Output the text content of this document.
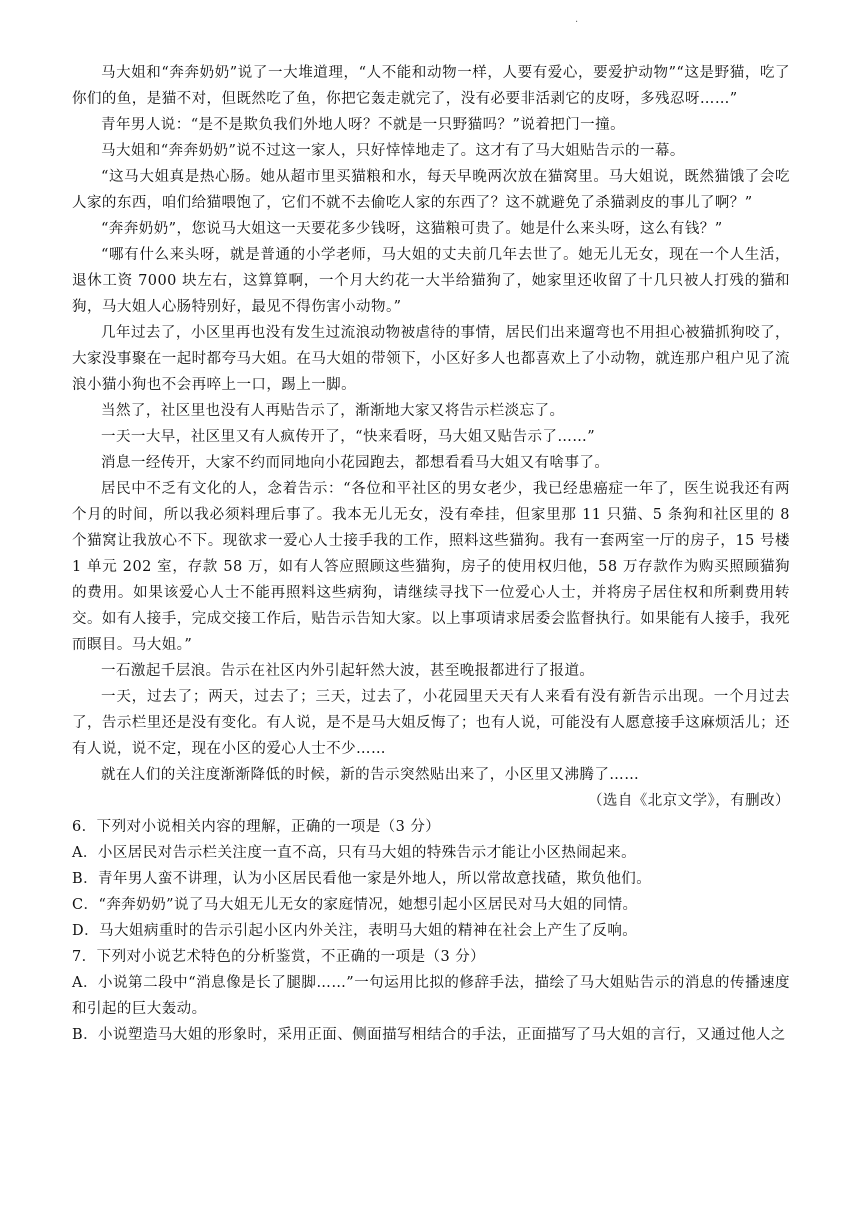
.

马大姐和“奔奔奶奶”说了一大堆道理，“人不能和动物一样，人要有爱心，要爱护动物”“这是野猫，吃了你们的鱼，是猫不对，但既然吃了鱼，你把它轰走就完了，没有必要非活剥它的皮呀，多残忍呀……”

青年男人说：“是不是欺负我们外地人呀？不就是一只野猫吗？”说着把门一撞。

马大姐和“奔奔奶奶”说不过这一家人，只好悻悻地走了。这才有了马大姐贴告示的一幕。

“这马大姐真是热心肠。她从超市里买猫粮和水，每天早晚两次放在猫窝里。马大姐说，既然猫饿了会吃人家的东西，咱们给猫喂饱了，它们不就不去偷吃人家的东西了？这不就避免了杀猫剥皮的事儿了啊？”

“奔奔奶奶”，您说马大姐这一天要花多少钱呀，这猫粮可贵了。她是什么来头呀，这么有钱？”

“哪有什么来头呀，就是普通的小学老师，马大姐的丈夫前几年去世了。她无儿无女，现在一个人生活，退休工资 7000 块左右，这算算啊，一个月大约花一大半给猫狗了，她家里还收留了十几只被人打残的猫和狗，马大姐人心肠特别好，最见不得伤害小动物。”

几年过去了，小区里再也没有发生过流浪动物被虐待的事情，居民们出来遛弯也不用担心被猫抓狗咬了，大家没事聚在一起时都夸马大姐。在马大姐的带领下，小区好多人也都喜欢上了小动物，就连那户租户见了流浪小猫小狗也不会再啐上一口，踢上一脚。

当然了，社区里也没有人再贴告示了，渐渐地大家又将告示栏淡忘了。

一天一大早，社区里又有人疯传开了，“快来看呀，马大姐又贴告示了……”

消息一经传开，大家不约而同地向小花园跑去，都想看看马大姐又有啥事了。

居民中不乏有文化的人，念着告示：“各位和平社区的男女老少，我已经患癌症一年了，医生说我还有两个月的时间，所以我必须料理后事了。我本无儿无女，没有牵挂，但家里那 11 只猫、5 条狗和社区里的 8 个猫窝让我放心不下。现欲求一爱心人士接手我的工作，照料这些猫狗。我有一套两室一厅的房子，15 号楼 1 单元 202 室，存款 58 万，如有人答应照顾这些猫狗，房子的使用权归他，58 万存款作为购买照顾猫狗的费用。如果该爱心人士不能再照料这些病狗，请继续寻找下一位爱心人士，并将房子居住权和所剩费用转交。如有人接手，完成交接工作后，贴告示告知大家。以上事项请求居委会监督执行。如果能有人接手，我死而瞑目。马大姐。”

一石激起千层浪。告示在社区内外引起轩然大波，甚至晚报都进行了报道。

一天，过去了；两天，过去了；三天，过去了，小花园里天天有人来看有没有新告示出现。一个月过去了，告示栏里还是没有变化。有人说，是不是马大姐反悔了；也有人说，可能没有人愿意接手这麻烦活儿；还有人说，说不定，现在小区的爱心人士不少……

就在人们的关注度渐渐降低的时候，新的告示突然贴出来了，小区里又沸腾了……

（选自《北京文学》，有删改）

6．下列对小说相关内容的理解，正确的一项是（3 分）

A．小区居民对告示栏关注度一直不高，只有马大姐的特殊告示才能让小区热闹起来。

B．青年男人蛮不讲理，认为小区居民看他一家是外地人，所以常故意找碴，欺负他们。

C．“奔奔奶奶”说了马大姐无儿无女的家庭情况，她想引起小区居民对马大姐的同情。

D．马大姐病重时的告示引起小区内外关注，表明马大姐的精神在社会上产生了反响。

7．下列对小说艺术特色的分析鉴赏，不正确的一项是（3 分）

A．小说第二段中“消息像是长了腿脚……”一句运用比拟的修辞手法，描绘了马大姐贴告示的消息的传播速度和引起的巨大轰动。

B．小说塑造马大姐的形象时，采用正面、侧面描写相结合的手法，正面描写了马大姐的言行，又通过他人之
